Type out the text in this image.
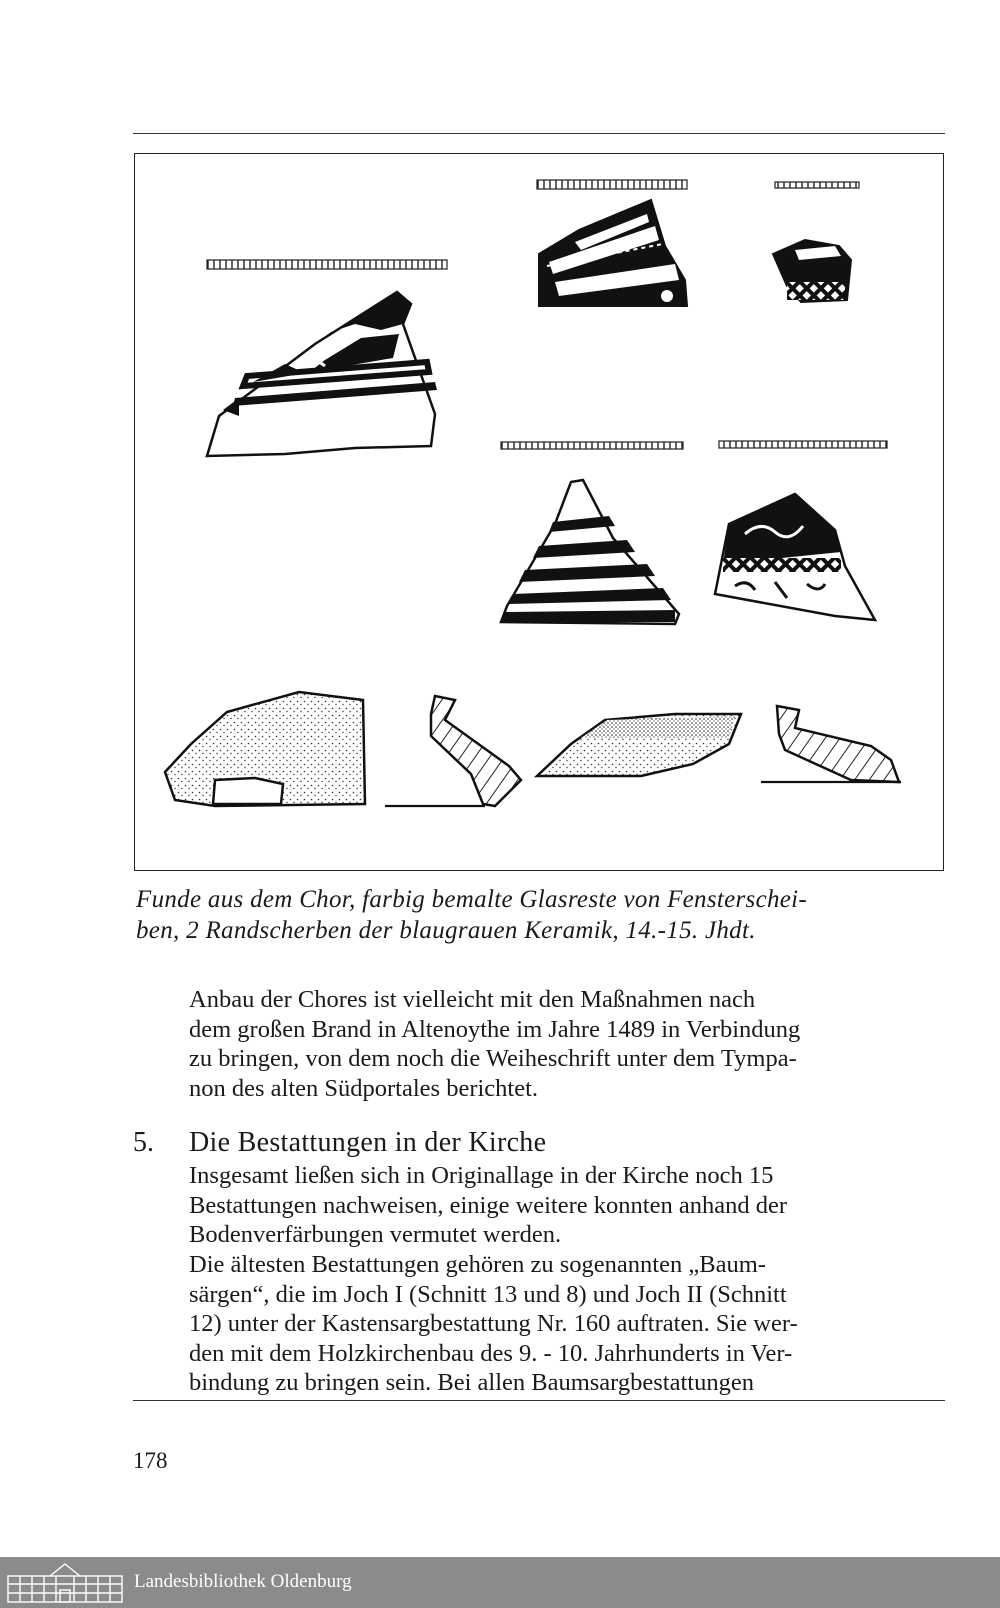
Funde aus dem Chor, farbig bemalte Glasreste von Fensterschei-
ben, 2 Randscherben der blaugrauen Keramik, 14.-15. Jhdt.
Anbau der Chores ist vielleicht mit den Maßnahmen nach
dem großen Brand in Altenoythe im Jahre 1489 in Verbindung
zu bringen, von dem noch die Weiheschrift unter dem Tympa-
non des alten Südportales berichtet.
5. Die Bestattungen in der Kirche
Insgesamt ließen sich in Originallage in der Kirche noch 15
Bestattungen nachweisen, einige weitere konnten anhand der
Bodenverfärbungen vermutet werden.
Die ältesten Bestattungen gehören zu sogenannten „Baum-
särgen“, die im Joch I (Schnitt 13 und 8) und Joch II (Schnitt
12) unter der Kastensargbestattung Nr. 160 auftraten. Sie wer-
den mit dem Holzkirchenbau des 9. - 10. Jahrhunderts in Ver-
bindung zu bringen sein. Bei allen Baumsargbestattungen
178
Landesbibliothek Oldenburg
